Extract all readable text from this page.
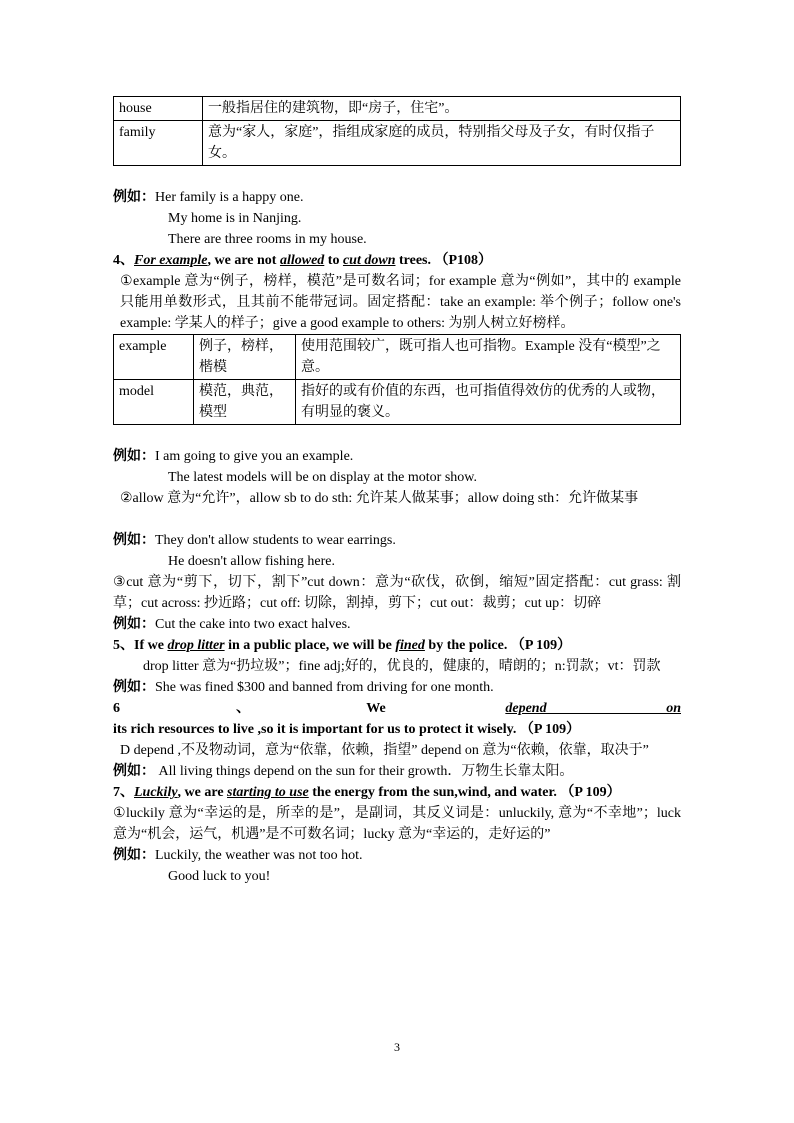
house	一般指居住的建筑物，即“房子，住宅”。
family	意为“家人，家庭”，指组成家庭的成员，特别指父母及子女，有时仅指子女。
例如：Her family is a happy one.
My home is in Nanjing.
There are three rooms in my house.
4、For example, we are not allowed to cut down trees. （P108）
①example 意为“例子，榜样，模范”是可数名词；for example 意为“例如”，其中的 example 只能用单数形式，且其前不能带冠词。固定搭配：take an example: 举个例子；follow one's example: 学某人的样子；give a good example to others: 为别人树立好榜样。
example	例子，榜样，楷模	使用范围较广，既可指人也可指物。Example 没有“模型”之意。
model	模范，典范，模型	指好的或有价值的东西，也可指值得效仿的优秀的人或物，有明显的褒义。
例如：I am going to give you an example.
The latest models will be on display at the motor show.
②allow 意为“允许”，allow sb to do sth: 允许某人做某事；allow doing sth：允许做某事
例如：They don't allow students to wear earrings.
He doesn't allow fishing here.
③cut 意为“剪下，切下，割下”cut down：意为“砍伐，砍倒，缩短”固定搭配：cut grass: 割草；cut across: 抄近路；cut off: 切除，割掉，剪下；cut out：裁剪；cut up：切碎
例如：Cut the cake into two exact halves.
5、If we drop litter in a public place, we will be fined by the police. （P 109）
drop litter 意为“扔垃圾”；fine adj;好的，优良的，健康的，晴朗的；n:罚款；vt：罚款
例如：She was fined $300 and banned from driving for one month.
6、We depend on its rich resources to live ,so it is important for us to protect it wisely. （P 109）
D depend ,不及物动词，意为“依靠，依赖，指望” depend on 意为“依赖，依靠，取决于”
例如： All living things depend on the sun for their growth．万物生长靠太阳。
7、Luckily, we are starting to use the energy from the sun,wind, and water. （P 109）
①luckily 意为“幸运的是，所幸的是”，是副词，其反义词是：unluckily, 意为“不幸地”；luck 意为“机会，运气，机遇”是不可数名词；lucky 意为“幸运的，走好运的”
例如：Luckily, the weather was not too hot.
Good luck to you!
3
